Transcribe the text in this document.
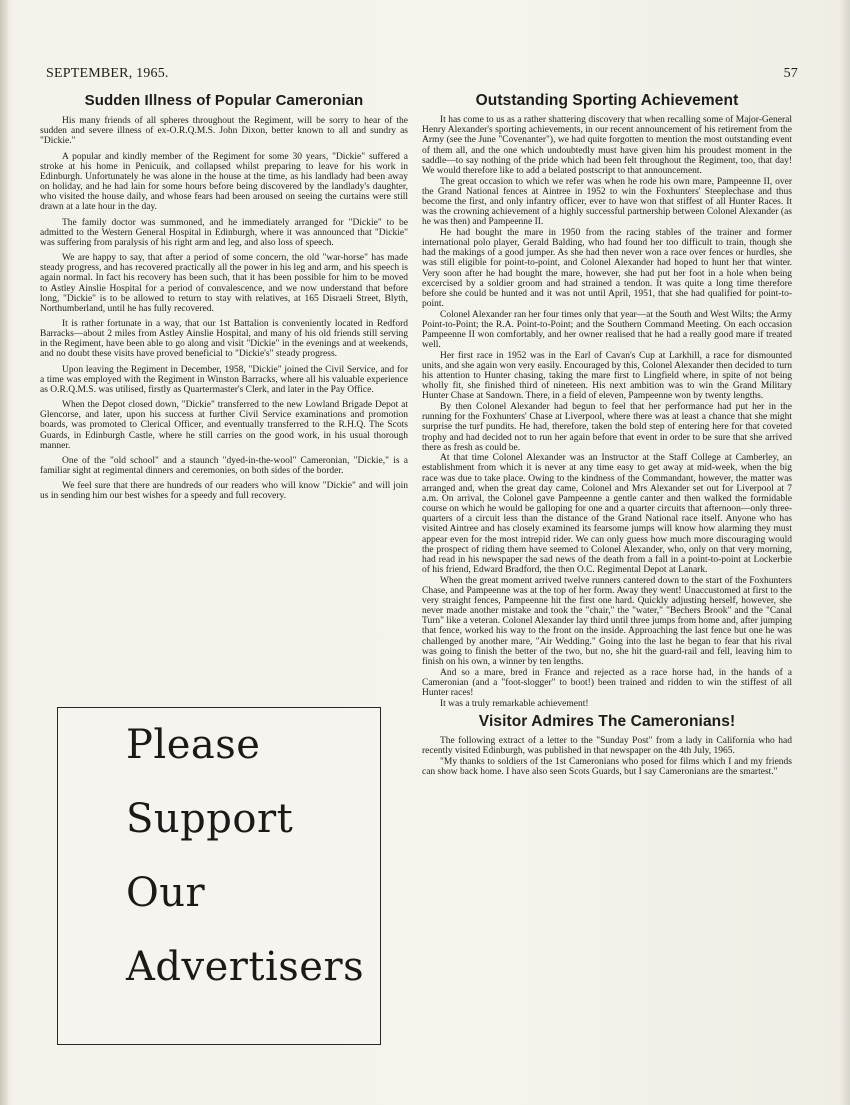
SEPTEMBER, 1965.	57
Sudden Illness of Popular Cameronian

His many friends of all spheres throughout the Regiment, will be sorry to hear of the sudden and severe illness of ex-O.R.Q.M.S. John Dixon, better known to all and sundry as "Dickie."

A popular and kindly member of the Regiment for some 30 years, "Dickie" suffered a stroke at his home in Penicuik, and collapsed whilst preparing to leave for his work in Edinburgh. Unfortunately he was alone in the house at the time, as his landlady had been away on holiday, and he had lain for some hours before being discovered by the landlady's daughter, who visited the house daily, and whose fears had been aroused on seeing the curtains were still drawn at a late hour in the day.

The family doctor was summoned, and he immediately arranged for "Dickie" to be admitted to the Western General Hospital in Edinburgh, where it was announced that "Dickie" was suffering from paralysis of his right arm and leg, and also loss of speech.

We are happy to say, that after a period of some concern, the old "war-horse" has made steady progress, and has recovered practically all the power in his leg and arm, and his speech is again normal. In fact his recovery has been such, that it has been possible for him to be moved to Astley Ainslie Hospital for a period of convalescence, and we now understand that before long, "Dickie" is to be allowed to return to stay with relatives, at 165 Disraeli Street, Blyth, Northumberland, until he has fully recovered.

It is rather fortunate in a way, that our 1st Battalion is conveniently located in Redford Barracks—about 2 miles from Astley Ainslie Hospital, and many of his old friends still serving in the Regiment, have been able to go along and visit "Dickie" in the evenings and at weekends, and no doubt these visits have proved beneficial to "Dickie's" steady progress.

Upon leaving the Regiment in December, 1958, "Dickie" joined the Civil Service, and for a time was employed with the Regiment in Winston Barracks, where all his valuable experience as O.R.Q.M.S. was utilised, firstly as Quartermaster's Clerk, and later in the Pay Office.

When the Depot closed down, "Dickie" transferred to the new Lowland Brigade Depot at Glencorse, and later, upon his success at further Civil Service examinations and promotion boards, was promoted to Clerical Officer, and eventually transferred to the R.H.Q. The Scots Guards, in Edinburgh Castle, where he still carries on the good work, in his usual thorough manner.

One of the "old school" and a staunch "dyed-in-the-wool" Cameronian, "Dickie," is a familiar sight at regimental dinners and ceremonies, on both sides of the border.

We feel sure that there are hundreds of our readers who will know "Dickie" and will join us in sending him our best wishes for a speedy and full recovery.

Please
Support
Our
Advertisers
Outstanding Sporting Achievement

It has come to us as a rather shattering discovery that when recalling some of Major-General Henry Alexander's sporting achievements, in our recent announcement of his retirement from the Army (see the June "Covenanter"), we had quite forgotten to mention the most outstanding event of them all, and the one which undoubtedly must have given him his proudest moment in the saddle—to say nothing of the pride which had been felt throughout the Regiment, too, that day! We would therefore like to add a belated postscript to that announcement.

The great occasion to which we refer was when he rode his own mare, Pampeenne II, over the Grand National fences at Aintree in 1952 to win the Foxhunters' Steeplechase and thus become the first, and only infantry officer, ever to have won that stiffest of all Hunter Races. It was the crowning achievement of a highly successful partnership between Colonel Alexander (as he was then) and Pampeenne II.

He had bought the mare in 1950 from the racing stables of the trainer and former international polo player, Gerald Balding, who had found her too difficult to train, though she had the makings of a good jumper. As she had then never won a race over fences or hurdles, she was still eligible for point-to-point, and Colonel Alexander had hoped to hunt her that winter. Very soon after he had bought the mare, however, she had put her foot in a hole when being excercised by a soldier groom and had strained a tendon. It was quite a long time therefore before she could be hunted and it was not until April, 1951, that she had qualified for point-to-point.

Colonel Alexander ran her four times only that year—at the South and West Wilts; the Army Point-to-Point; the R.A. Point-to-Point; and the Southern Command Meeting. On each occasion Pampeenne II won comfortably, and her owner realised that he had a really good mare if treated well.

Her first race in 1952 was in the Earl of Cavan's Cup at Larkhill, a race for dismounted units, and she again won very easily. Encouraged by this, Colonel Alexander then decided to turn his attention to Hunter chasing, taking the mare first to Lingfield where, in spite of not being wholly fit, she finished third of nineteen. His next ambition was to win the Grand Military Hunter Chase at Sandown. There, in a field of eleven, Pampeenne won by twenty lengths.

By then Colonel Alexander had begun to feel that her performance had put her in the running for the Foxhunters' Chase at Liverpool, where there was at least a chance that she might surprise the turf pundits. He had, therefore, taken the bold step of entering here for that coveted trophy and had decided not to run her again before that event in order to be sure that she arrived there as fresh as could be.

At that time Colonel Alexander was an Instructor at the Staff College at Camberley, an establishment from which it is never at any time easy to get away at mid-week, when the big race was due to take place. Owing to the kindness of the Commandant, however, the matter was arranged and, when the great day came, Colonel and Mrs Alexander set out for Liverpool at 7 a.m. On arrival, the Colonel gave Pampeenne a gentle canter and then walked the formidable course on which he would be galloping for one and a quarter circuits that afternoon—only three-quarters of a circuit less than the distance of the Grand National race itself. Anyone who has visited Aintree and has closely examined its fearsome jumps will know how alarming they must appear even for the most intrepid rider. We can only guess how much more discouraging would the prospect of riding them have seemed to Colonel Alexander, who, only on that very morning, had read in his newspaper the sad news of the death from a fall in a point-to-point at Lockerbie of his friend, Edward Bradford, the then O.C. Regimental Depot at Lanark.

When the great moment arrived twelve runners cantered down to the start of the Foxhunters Chase, and Pampeenne was at the top of her form. Away they went! Unaccustomed at first to the very straight fences, Pampeenne hit the first one hard. Quickly adjusting herself, however, she never made another mistake and took the "chair," the "water," "Bechers Brook" and the "Canal Turn" like a veteran. Colonel Alexander lay third until three jumps from home and, after jumping that fence, worked his way to the front on the inside. Approaching the last fence but one he was challenged by another mare, "Air Wedding." Going into the last he began to fear that his rival was going to finish the better of the two, but no, she hit the guard-rail and fell, leaving him to finish on his own, a winner by ten lengths.

And so a mare, bred in France and rejected as a race horse had, in the hands of a Cameronian (and a "foot-slogger" to boot!) been trained and ridden to win the stiffest of all Hunter races!

It was a truly remarkable achievement!

Visitor Admires The Cameronians!

The following extract of a letter to the "Sunday Post" from a lady in California who had recently visited Edinburgh, was published in that newspaper on the 4th July, 1965.

"My thanks to soldiers of the 1st Cameronians who posed for films which I and my friends can show back home. I have also seen Scots Guards, but I say Cameronians are the smartest."
